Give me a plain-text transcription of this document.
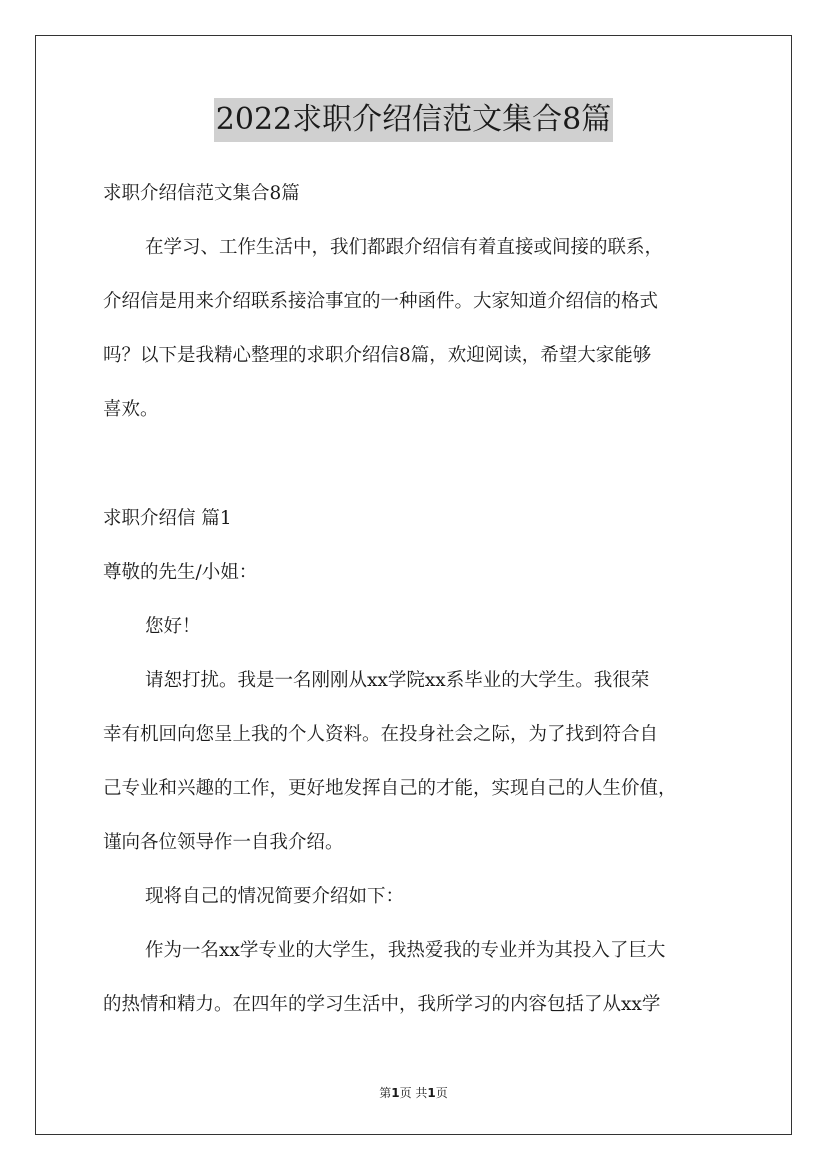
2022求职介绍信范文集合8篇
求职介绍信范文集合8篇
在学习、工作生活中，我们都跟介绍信有着直接或间接的联系，
介绍信是用来介绍联系接洽事宜的一种函件。大家知道介绍信的格式
吗？以下是我精心整理的求职介绍信8篇，欢迎阅读，希望大家能够
喜欢。
求职介绍信 篇1
尊敬的先生/小姐：
您好！
请恕打扰。我是一名刚刚从xx学院xx系毕业的大学生。我很荣
幸有机回向您呈上我的个人资料。在投身社会之际，为了找到符合自
己专业和兴趣的工作，更好地发挥自己的才能，实现自己的人生价值，
谨向各位领导作一自我介绍。
现将自己的情况简要介绍如下：
作为一名xx学专业的大学生，我热爱我的专业并为其投入了巨大
的热情和精力。在四年的学习生活中，我所学习的内容包括了从xx学
第1页 共1页
